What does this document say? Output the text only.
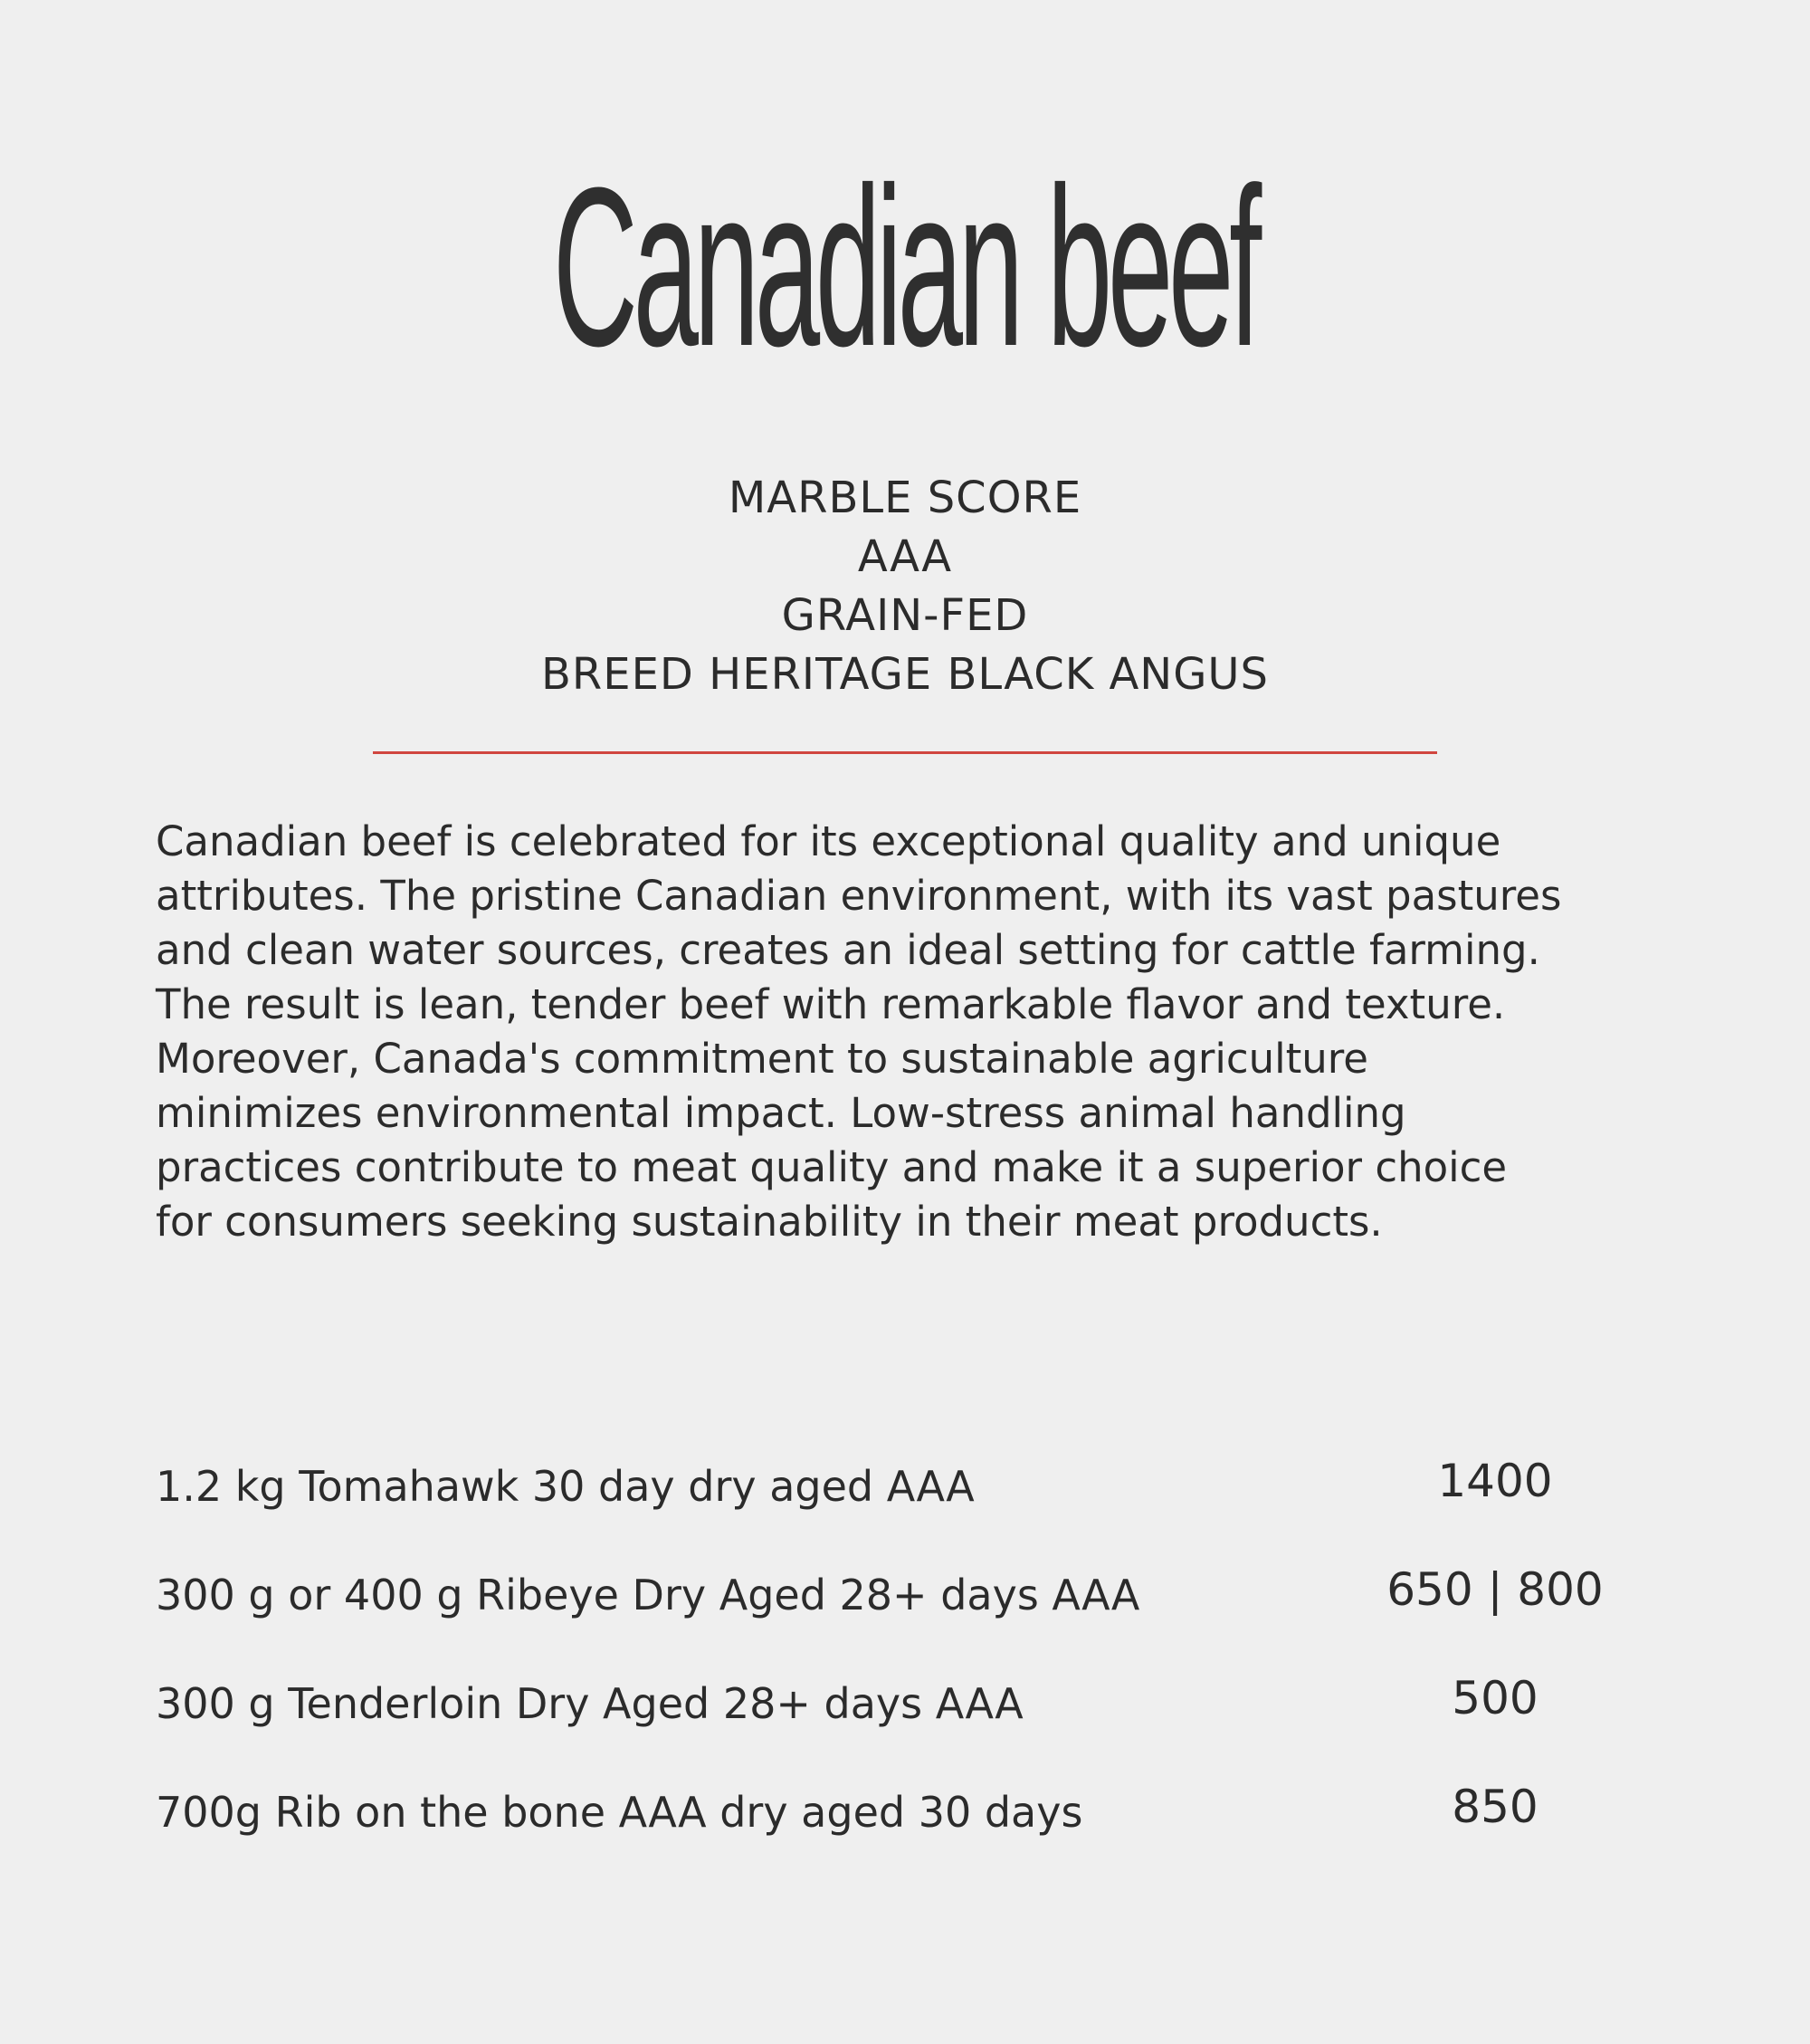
Canadian beef
MARBLE SCORE
AAA
GRAIN-FED
BREED HERITAGE BLACK ANGUS
Canadian beef is celebrated for its exceptional quality and unique
attributes. The pristine Canadian environment, with its vast pastures
and clean water sources, creates an ideal setting for cattle farming.
The result is lean, tender beef with remarkable flavor and texture.
Moreover, Canada's commitment to sustainable agriculture
minimizes environmental impact. Low-stress animal handling
practices contribute to meat quality and make it a superior choice
for consumers seeking sustainability in their meat products.
1.2 kg Tomahawk 30 day dry aged AAA	1400
300 g or 400 g Ribeye Dry Aged 28+ days AAA	650 | 800
300 g Tenderloin Dry Aged 28+ days AAA	500
700g Rib on the bone AAA dry aged 30 days	850
